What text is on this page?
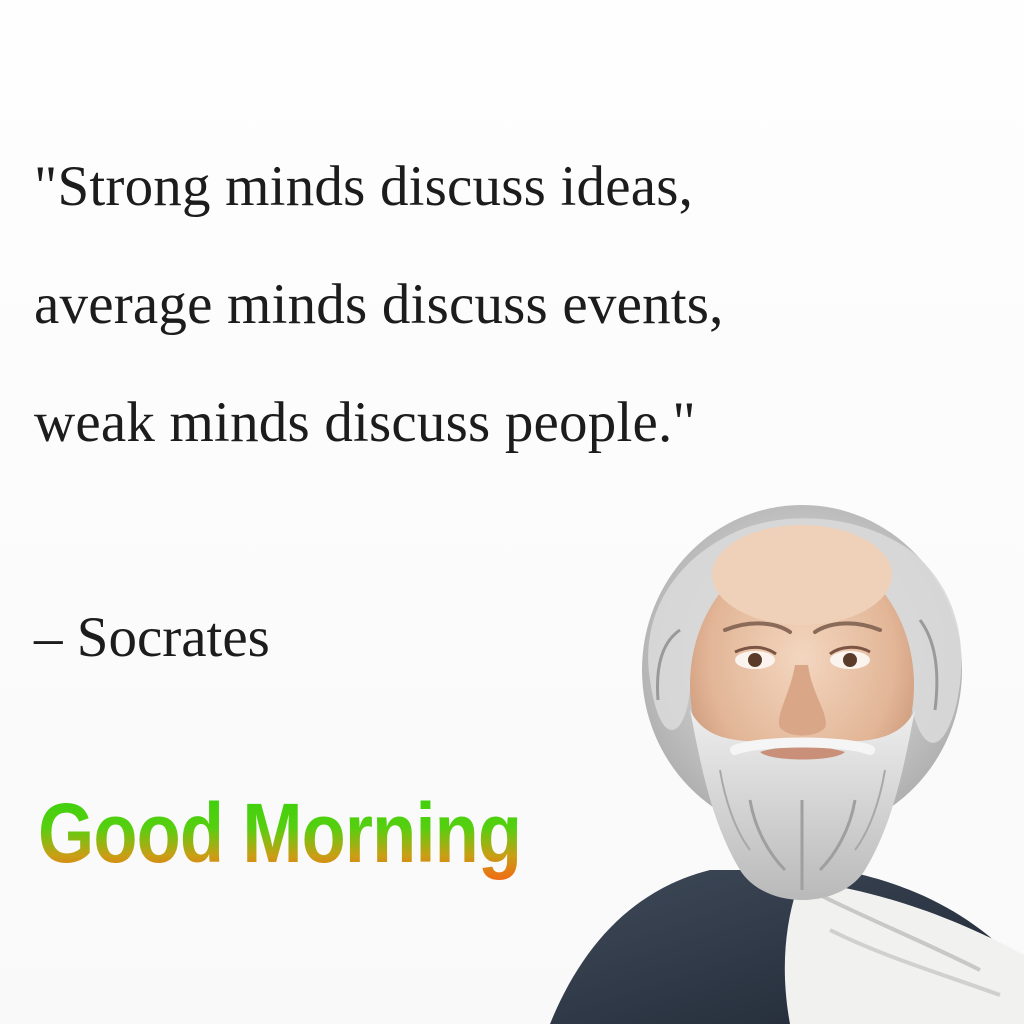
"Strong minds discuss ideas,
average minds discuss events,
weak minds discuss people."

– Socrates

Good Morning
